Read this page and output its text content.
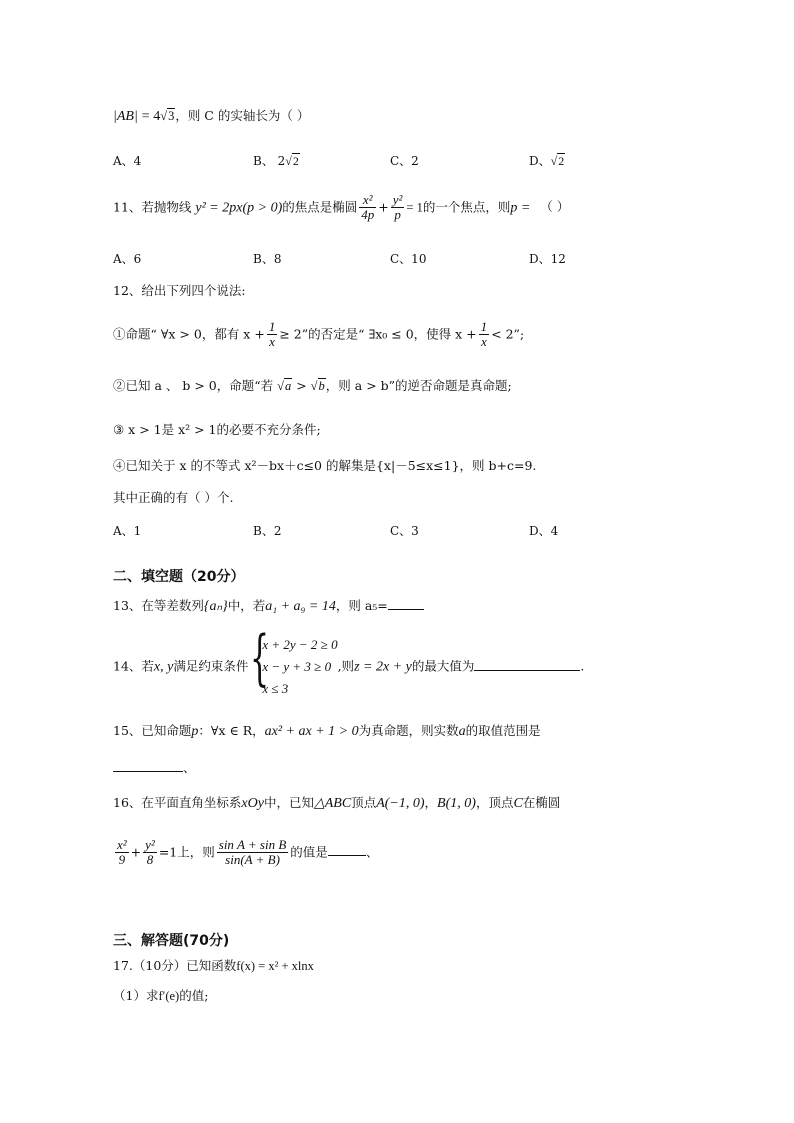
|AB| = 4√3，则 C 的实轴长为（ ）
A、4	B、 2√2	C、2	D、√2
11、若抛物线 y² = 2px(p > 0)的焦点是椭圆 $\frac{\text{x²}}{4p} + \frac{\text{y²}}{p} = 1$的一个焦点，则p = （ ）
A、6	B、8	C、10	D、12
12、给出下列四个说法:
①命题“ ∀x > 0，都有 $x + \frac{1}{x} \ge 2$”的否定是“ ∃x₀ ≤ 0，使得 $x + \frac{1}{x} < 2$”;
②已知 a 、 b > 0，命题“若 √a > √b，则 a > b”的逆否命题是真命题;
③ x > 1是 x² > 1的必要不充分条件;
④已知关于 x 的不等式 x²－bx＋c≤0 的解集是{x|－5≤x≤1}，则 b+c=9.
其中正确的有（ ）个.
A、1	B、2	C、3	D、4
二、填空题（20分）
13、在等差数列{aₙ}中，若a₁ + a₉ = 14，则 a₅=
14、若x, y满足约束条件 {
x + 2y − 2 ≥ 0
x − y + 3 ≥ 0
x ≤ 3
,则z = 2x + y的最大值为	.
15、已知命题p：∀x ∈ R，ax² + ax + 1 > 0为真命题，则实数a的取值范围是
、
16、在平面直角坐标系xOy中，已知△ABC顶点A(−1, 0)，B(1, 0)，顶点C在椭圆
$\frac{\text{x²}}{9} + \frac{\text{y²}}{8} =1$上，则 $\frac{\text{sin A + sin B}}{\sin(A + B)}$ 的值是	、
三、解答题(70分)
17.（10分）已知函数f(x) = x² + xlnx
（1）求f′(e)的值;
